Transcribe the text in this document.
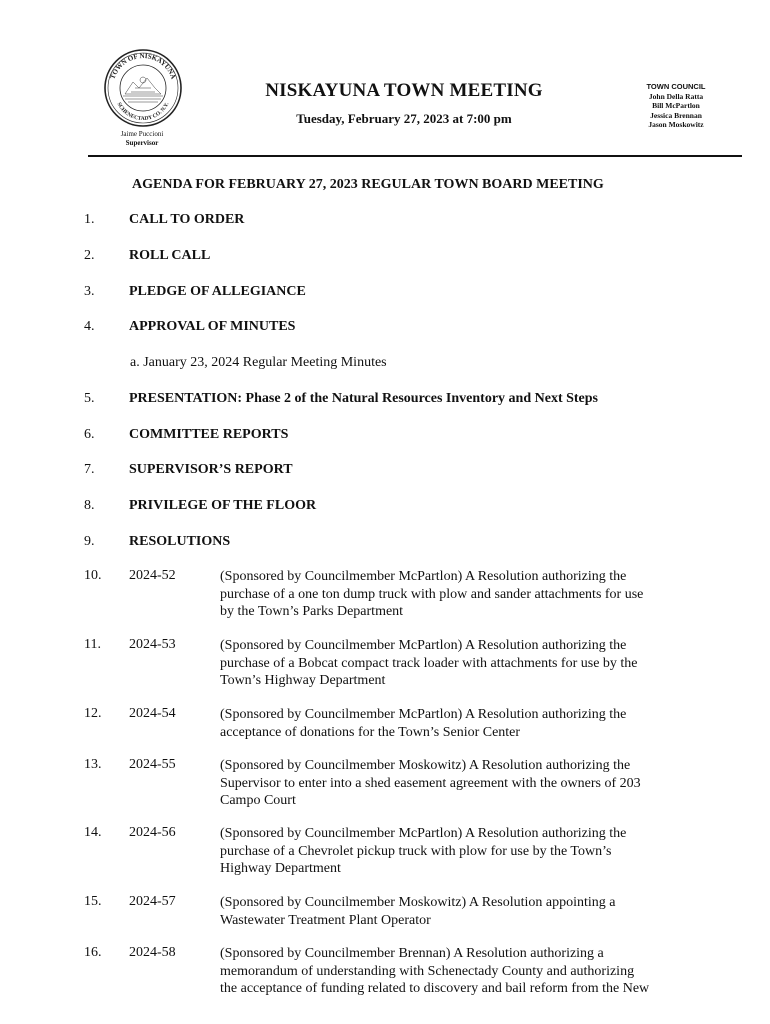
TOWN OF NISKAYUNA
SCHENECTADY CO. N.Y.
Jaime Puccioni
Supervisor
NISKAYUNA TOWN MEETING
Tuesday, February 27, 2023 at 7:00 pm
TOWN COUNCIL
John Della Ratta
Bill McPartlon
Jessica Brennan
Jason Moskowitz
AGENDA FOR FEBRUARY 27, 2023 REGULAR TOWN BOARD MEETING
1. CALL TO ORDER
2. ROLL CALL
3. PLEDGE OF ALLEGIANCE
4. APPROVAL OF MINUTES
a. January 23, 2024 Regular Meeting Minutes
5. PRESENTATION: Phase 2 of the Natural Resources Inventory and Next Steps
6. COMMITTEE REPORTS
7. SUPERVISOR’S REPORT
8. PRIVILEGE OF THE FLOOR
9. RESOLUTIONS
10. 2024-52	(Sponsored by Councilmember McPartlon) A Resolution authorizing the
purchase of a one ton dump truck with plow and sander attachments for use
by the Town’s Parks Department
11. 2024-53	(Sponsored by Councilmember McPartlon) A Resolution authorizing the
purchase of a Bobcat compact track loader with attachments for use by the
Town’s Highway Department
12. 2024-54	(Sponsored by Councilmember McPartlon) A Resolution authorizing the
acceptance of donations for the Town’s Senior Center
13. 2024-55	(Sponsored by Councilmember Moskowitz) A Resolution authorizing the
Supervisor to enter into a shed easement agreement with the owners of 203
Campo Court
14. 2024-56	(Sponsored by Councilmember McPartlon) A Resolution authorizing the
purchase of a Chevrolet pickup truck with plow for use by the Town’s
Highway Department
15. 2024-57	(Sponsored by Councilmember Moskowitz) A Resolution appointing a
Wastewater Treatment Plant Operator
16. 2024-58	(Sponsored by Councilmember Brennan) A Resolution authorizing a
memorandum of understanding with Schenectady County and authorizing
the acceptance of funding related to discovery and bail reform from the New
